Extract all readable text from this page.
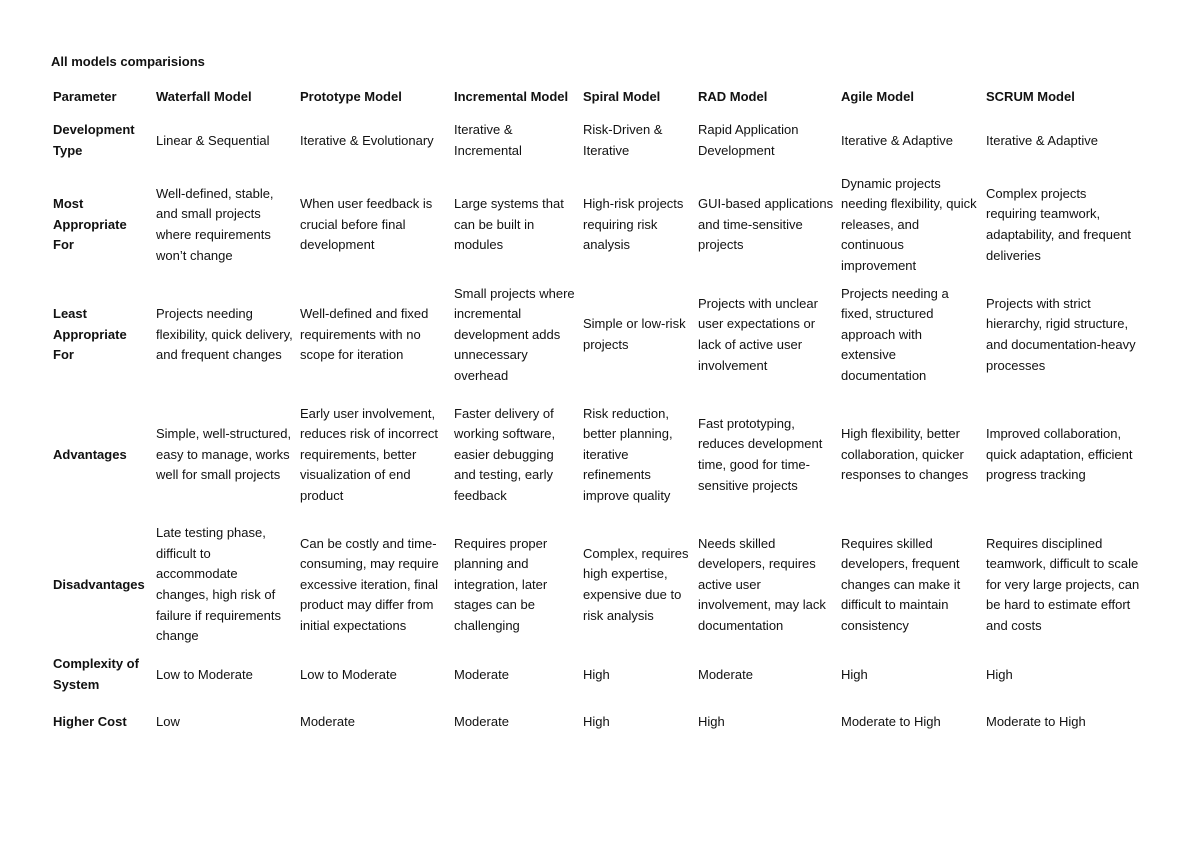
All models comparisions
Parameter	Waterfall Model	Prototype Model	Incremental Model	Spiral Model	RAD Model	Agile Model	SCRUM Model
Development Type	Linear & Sequential	Iterative & Evolutionary	Iterative & Incremental	Risk-Driven & Iterative	Rapid Application Development	Iterative & Adaptive	Iterative & Adaptive
Most Appropriate For	Well-defined, stable, and small projects where requirements won’t change	When user feedback is crucial before final development	Large systems that can be built in modules	High-risk projects requiring risk analysis	GUI-based applications and time-sensitive projects	Dynamic projects needing flexibility, quick releases, and continuous improvement	Complex projects requiring teamwork, adaptability, and frequent deliveries
Least Appropriate For	Projects needing flexibility, quick delivery, and frequent changes	Well-defined and fixed requirements with no scope for iteration	Small projects where incremental development adds unnecessary overhead	Simple or low-risk projects	Projects with unclear user expectations or lack of active user involvement	Projects needing a fixed, structured approach with extensive documentation	Projects with strict hierarchy, rigid structure, and documentation-heavy processes
Advantages	Simple, well-structured, easy to manage, works well for small projects	Early user involvement, reduces risk of incorrect requirements, better visualization of end product	Faster delivery of working software, easier debugging and testing, early feedback	Risk reduction, better planning, iterative refinements improve quality	Fast prototyping, reduces development time, good for time-sensitive projects	High flexibility, better collaboration, quicker responses to changes	Improved collaboration, quick adaptation, efficient progress tracking
Disadvantages	Late testing phase, difficult to accommodate changes, high risk of failure if requirements change	Can be costly and time-consuming, may require excessive iteration, final product may differ from initial expectations	Requires proper planning and integration, later stages can be challenging	Complex, requires high expertise, expensive due to risk analysis	Needs skilled developers, requires active user involvement, may lack documentation	Requires skilled developers, frequent changes can make it difficult to maintain consistency	Requires disciplined teamwork, difficult to scale for very large projects, can be hard to estimate effort and costs
Complexity of System	Low to Moderate	Low to Moderate	Moderate	High	Moderate	High	High
Higher Cost	Low	Moderate	Moderate	High	High	Moderate to High	Moderate to High
